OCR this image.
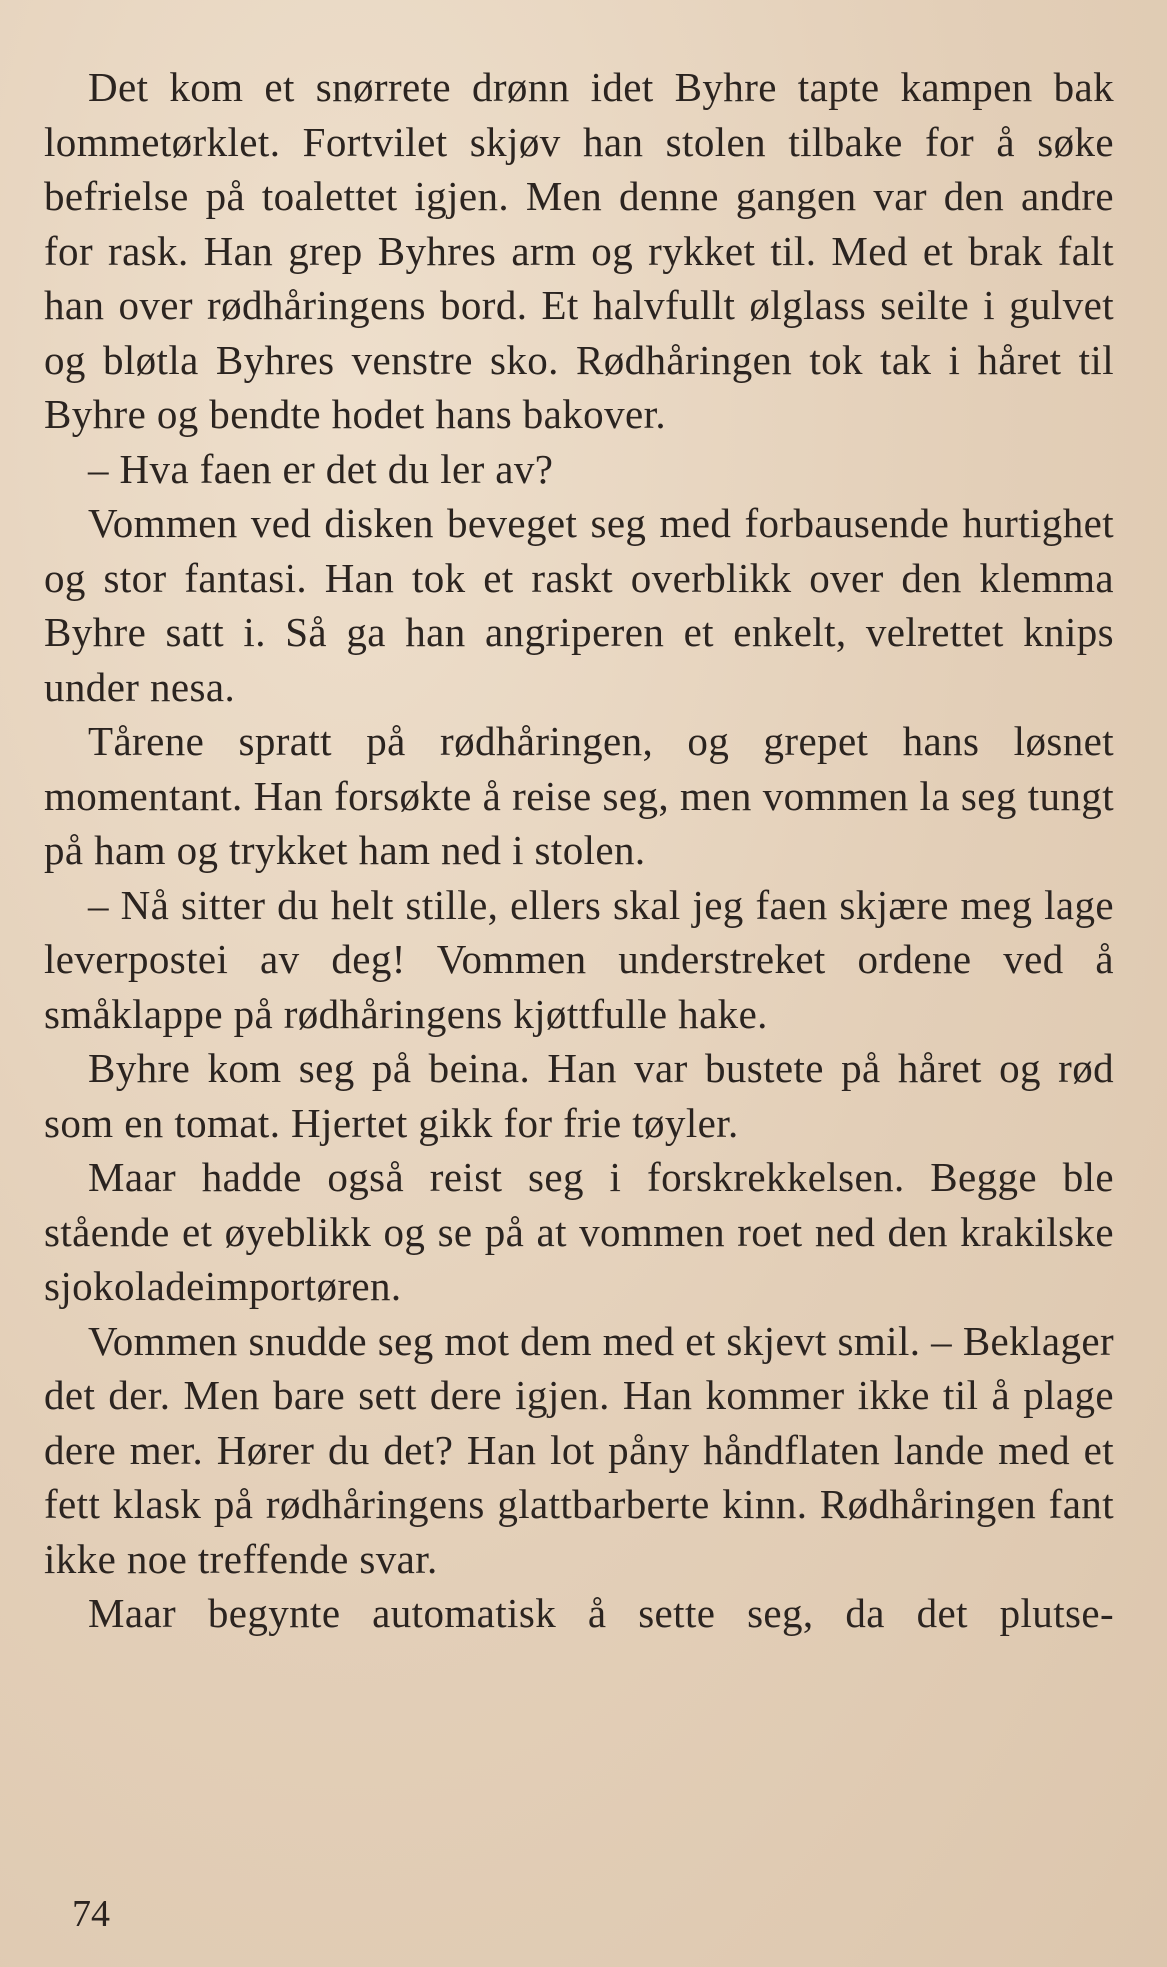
Det kom et snørrete drønn idet Byhre tapte kampen bak lommetørklet. Fortvilet skjøv han stolen tilbake for å søke befrielse på toalettet igjen. Men denne gangen var den andre for rask. Han grep Byhres arm og rykket til. Med et brak falt han over rødhåringens bord. Et halvfullt ølglass seilte i gulvet og bløtla Byhres venstre sko. Rødhåringen tok tak i håret til Byhre og bendte hodet hans bakover.

– Hva faen er det du ler av?

Vommen ved disken beveget seg med forbausende hurtighet og stor fantasi. Han tok et raskt overblikk over den klemma Byhre satt i. Så ga han angriperen et enkelt, velrettet knips under nesa.

Tårene spratt på rødhåringen, og grepet hans løsnet momentant. Han forsøkte å reise seg, men vommen la seg tungt på ham og trykket ham ned i stolen.

– Nå sitter du helt stille, ellers skal jeg faen skjære meg lage leverpostei av deg! Vommen understreket ordene ved å småklappe på rødhåringens kjøttfulle hake.

Byhre kom seg på beina. Han var bustete på håret og rød som en tomat. Hjertet gikk for frie tøyler.

Maar hadde også reist seg i forskrekkelsen. Begge ble stående et øyeblikk og se på at vommen roet ned den krakilske sjokoladeimportøren.

Vommen snudde seg mot dem med et skjevt smil. – Beklager det der. Men bare sett dere igjen. Han kommer ikke til å plage dere mer. Hører du det? Han lot påny håndflaten lande med et fett klask på rødhåringens glattbarberte kinn. Rødhåringen fant ikke noe treffende svar.

Maar begynte automatisk å sette seg, da det plutse-

74
